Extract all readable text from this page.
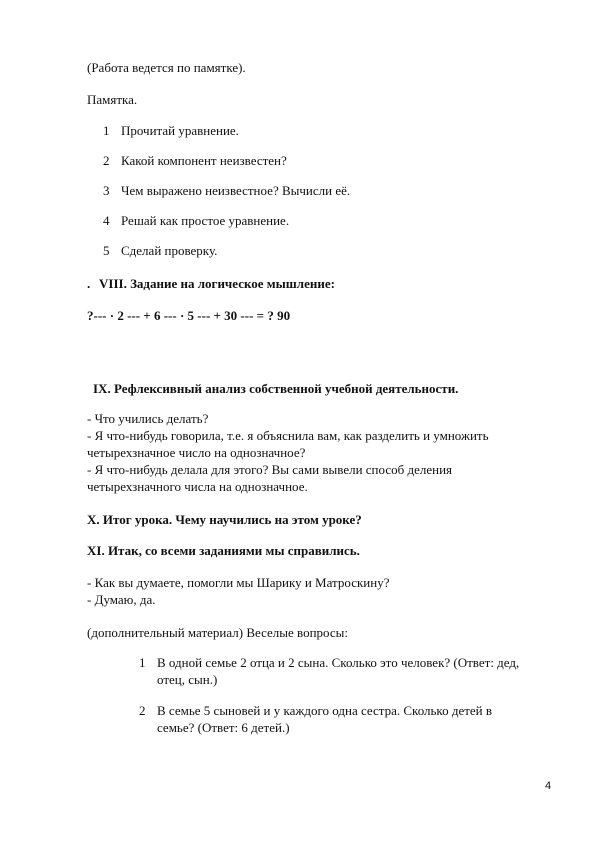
(Работа ведется по памятке).
Памятка.
1 Прочитай уравнение.
2 Какой компонент неизвестен?
3 Чем выражено неизвестное? Вычисли её.
4 Решай как простое уравнение.
5 Сделай проверку.
. VIII. Задание на логическое мышление:
?--- · 2 --- + 6 --- · 5 --- + 30 --- = ? 90
IX. Рефлексивный анализ собственной учебной деятельности.
- Что учились делать?
- Я что-нибудь говорила, т.е. я объяснила вам, как разделить и умножить
четырехзначное число на однозначное?
- Я что-нибудь делала для этого? Вы сами вывели способ деления
четырехзначного числа на однозначное.
X. Итог урока. Чему научились на этом уроке?
XI. Итак, со всеми заданиями мы справились.
- Как вы думаете, помогли мы Шарику и Матроскину?
- Думаю, да.
(дополнительный материал) Веселые вопросы:
1 В одной семье 2 отца и 2 сына. Сколько это человек? (Ответ: дед,
отец, сын.)
2 В семье 5 сыновей и у каждого одна сестра. Сколько детей в
семье? (Ответ: 6 детей.)
4
